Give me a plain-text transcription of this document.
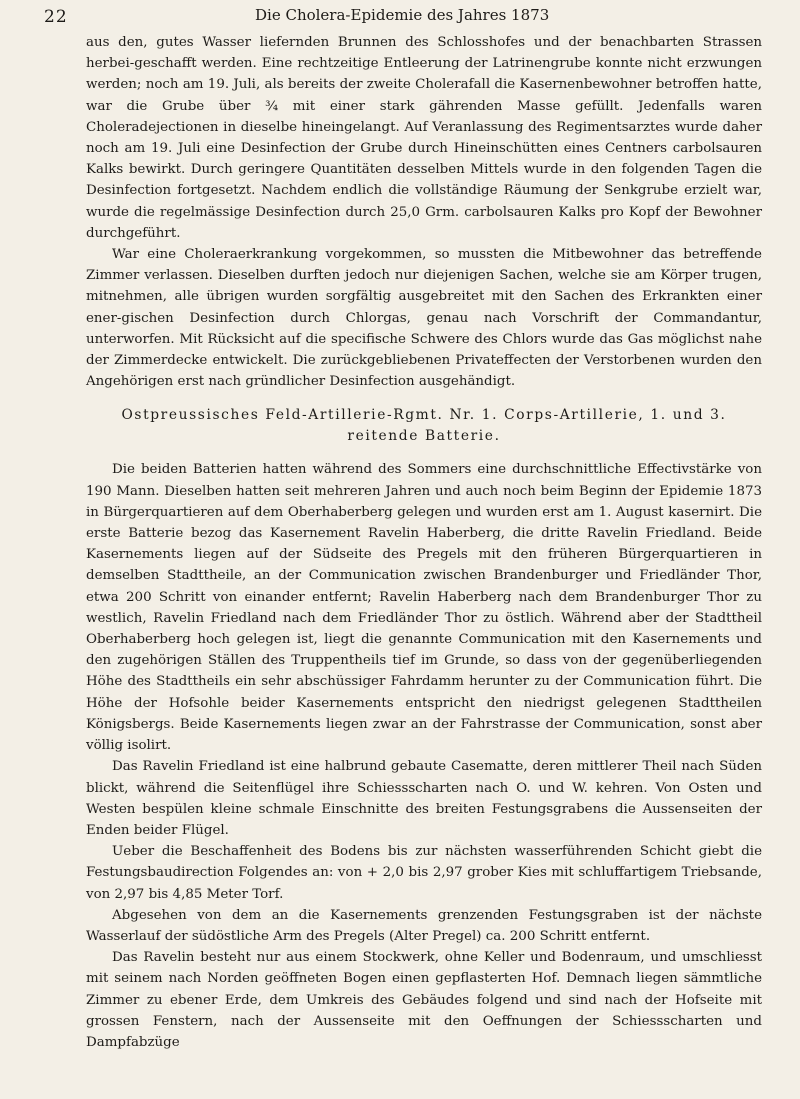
22	Die Cholera-Epidemie des Jahres 1873

aus den, gutes Wasser liefernden Brunnen des Schlosshofes und der benachbarten Strassen herbei-geschafft werden. Eine rechtzeitige Entleerung der Latrinengrube konnte nicht erzwungen werden; noch am 19. Juli, als bereits der zweite Cholerafall die Kasernenbewohner betroffen hatte, war die Grube über ¾ mit einer stark gährenden Masse gefüllt. Jedenfalls waren Choleradejectionen in dieselbe hineingelangt. Auf Veranlassung des Regimentsarztes wurde daher noch am 19. Juli eine Desinfection der Grube durch Hineinschütten eines Centners carbolsauren Kalks bewirkt. Durch geringere Quantitäten desselben Mittels wurde in den folgenden Tagen die Desinfection fortgesetzt. Nachdem endlich die vollständige Räumung der Senkgrube erzielt war, wurde die regelmässige Desinfection durch 25,0 Grm. carbolsauren Kalks pro Kopf der Bewohner durchgeführt.

War eine Choleraerkrankung vorgekommen, so mussten die Mitbewohner das betreffende Zimmer verlassen. Dieselben durften jedoch nur diejenigen Sachen, welche sie am Körper trugen, mitnehmen, alle übrigen wurden sorgfältig ausgebreitet mit den Sachen des Erkrankten einer ener-gischen Desinfection durch Chlorgas, genau nach Vorschrift der Commandantur, unterworfen. Mit Rücksicht auf die specifische Schwere des Chlors wurde das Gas möglichst nahe der Zimmerdecke entwickelt. Die zurückgebliebenen Privateffecten der Verstorbenen wurden den Angehörigen erst nach gründlicher Desinfection ausgehändigt.

Ostpreussisches Feld-Artillerie-Rgmt. Nr. 1. Corps-Artillerie, 1. und 3. reitende Batterie.

Die beiden Batterien hatten während des Sommers eine durchschnittliche Effectivstärke von 190 Mann. Dieselben hatten seit mehreren Jahren und auch noch beim Beginn der Epidemie 1873 in Bürgerquartieren auf dem Oberhaberberg gelegen und wurden erst am 1. August kasernirt. Die erste Batterie bezog das Kasernement Ravelin Haberberg, die dritte Ravelin Friedland. Beide Kasernements liegen auf der Südseite des Pregels mit den früheren Bürgerquartieren in demselben Stadttheile, an der Communication zwischen Brandenburger und Friedländer Thor, etwa 200 Schritt von einander entfernt; Ravelin Haberberg nach dem Brandenburger Thor zu westlich, Ravelin Friedland nach dem Friedländer Thor zu östlich. Während aber der Stadttheil Oberhaberberg hoch gelegen ist, liegt die genannte Communication mit den Kasernements und den zugehörigen Ställen des Truppentheils tief im Grunde, so dass von der gegenüberliegenden Höhe des Stadttheils ein sehr abschüssiger Fahrdamm herunter zu der Communication führt. Die Höhe der Hofsohle beider Kasernements entspricht den niedrigst gelegenen Stadttheilen Königsbergs. Beide Kasernements liegen zwar an der Fahrstrasse der Communication, sonst aber völlig isolirt.

Das Ravelin Friedland ist eine halbrund gebaute Casematte, deren mittlerer Theil nach Süden blickt, während die Seitenflügel ihre Schiessscharten nach O. und W. kehren. Von Osten und Westen bespülen kleine schmale Einschnitte des breiten Festungsgrabens die Aussenseiten der Enden beider Flügel.

Ueber die Beschaffenheit des Bodens bis zur nächsten wasserführenden Schicht giebt die Festungsbaudirection Folgendes an: von + 2,0 bis 2,97 grober Kies mit schluffartigem Triebsande, von 2,97 bis 4,85 Meter Torf.

Abgesehen von dem an die Kasernements grenzenden Festungsgraben ist der nächste Wasserlauf der südöstliche Arm des Pregels (Alter Pregel) ca. 200 Schritt entfernt.

Das Ravelin besteht nur aus einem Stockwerk, ohne Keller und Bodenraum, und umschliesst mit seinem nach Norden geöffneten Bogen einen gepflasterten Hof. Demnach liegen sämmtliche Zimmer zu ebener Erde, dem Umkreis des Gebäudes folgend und sind nach der Hofseite mit grossen Fenstern, nach der Aussenseite mit den Oeffnungen der Schiessscharten und Dampfabzüge
